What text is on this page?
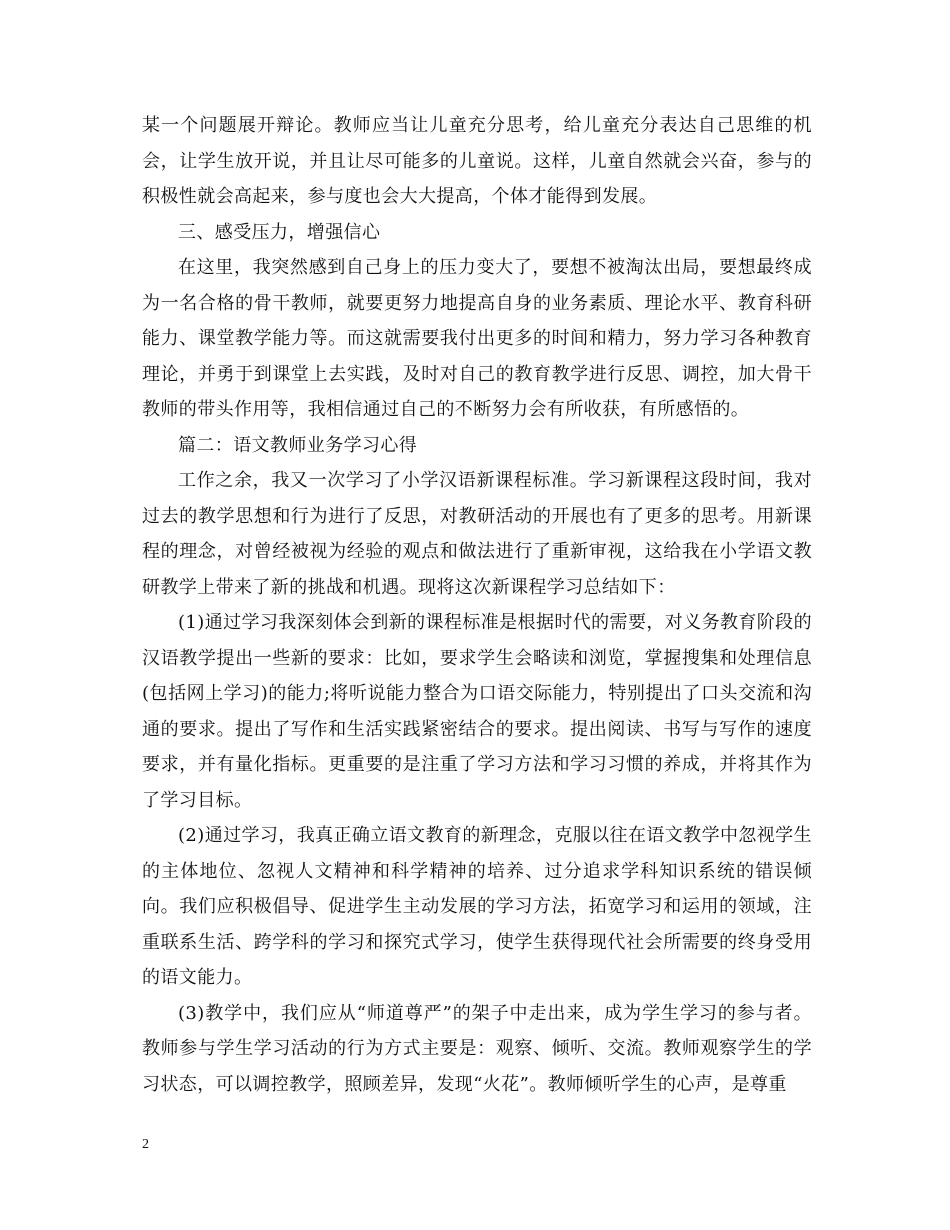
某一个问题展开辩论。教师应当让儿童充分思考，给儿童充分表达自己思维的机会，让学生放开说，并且让尽可能多的儿童说。这样，儿童自然就会兴奋，参与的积极性就会高起来，参与度也会大大提高，个体才能得到发展。

三、感受压力，增强信心

在这里，我突然感到自己身上的压力变大了，要想不被淘汰出局，要想最终成为一名合格的骨干教师，就要更努力地提高自身的业务素质、理论水平、教育科研能力、课堂教学能力等。而这就需要我付出更多的时间和精力，努力学习各种教育理论，并勇于到课堂上去实践，及时对自己的教育教学进行反思、调控，加大骨干教师的带头作用等，我相信通过自己的不断努力会有所收获，有所感悟的。

篇二：语文教师业务学习心得

工作之余，我又一次学习了小学汉语新课程标准。学习新课程这段时间，我对过去的教学思想和行为进行了反思，对教研活动的开展也有了更多的思考。用新课程的理念，对曾经被视为经验的观点和做法进行了重新审视，这给我在小学语文教研教学上带来了新的挑战和机遇。现将这次新课程学习总结如下：

(1)通过学习我深刻体会到新的课程标准是根据时代的需要，对义务教育阶段的汉语教学提出一些新的要求：比如，要求学生会略读和浏览，掌握搜集和处理信息(包括网上学习)的能力;将听说能力整合为口语交际能力，特别提出了口头交流和沟通的要求。提出了写作和生活实践紧密结合的要求。提出阅读、书写与写作的速度要求，并有量化指标。更重要的是注重了学习方法和学习习惯的养成，并将其作为了学习目标。

(2)通过学习，我真正确立语文教育的新理念，克服以往在语文教学中忽视学生的主体地位、忽视人文精神和科学精神的培养、过分追求学科知识系统的错误倾向。我们应积极倡导、促进学生主动发展的学习方法，拓宽学习和运用的领域，注重联系生活、跨学科的学习和探究式学习，使学生获得现代社会所需要的终身受用的语文能力。

(3)教学中，我们应从“师道尊严”的架子中走出来，成为学生学习的参与者。教师参与学生学习活动的行为方式主要是：观察、倾听、交流。教师观察学生的学习状态，可以调控教学，照顾差异，发现“火花”。教师倾听学生的心声，是尊重

2
